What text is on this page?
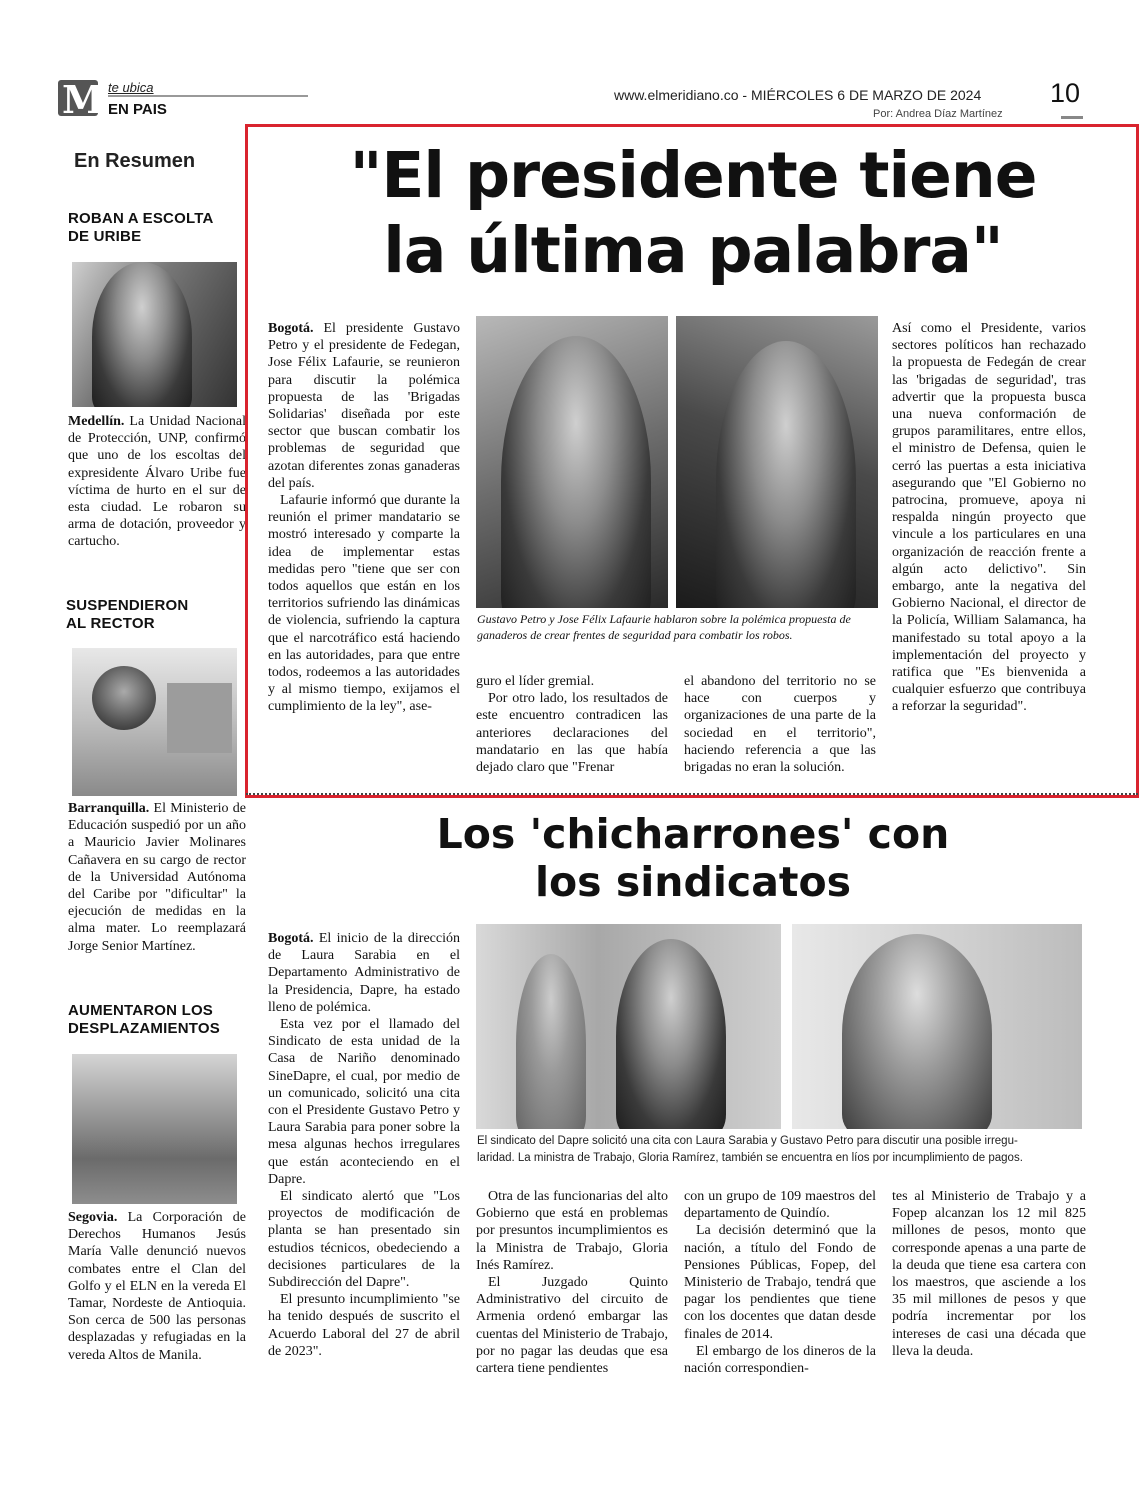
M te ubica
EN PAIS
www.elmeridiano.co - MIÉRCOLES 6 DE MARZO DE 2024
Por: Andrea Díaz Martínez
10
En Resumen
ROBAN A ESCOLTA
DE URIBE

Medellín. La Unidad Nacional de Protección, UNP, confirmó que uno de los escoltas del expresidente Álvaro Uribe fue víctima de hurto en el sur de esta ciudad. Le robaron su arma de dotación, proveedor y cartucho.

SUSPENDIERON
AL RECTOR

Barranquilla. El Ministerio de Educación suspedió por un año a Mauricio Javier Molinares Cañavera en su cargo de rector de la Universidad Autónoma del Caribe por "dificultar" la ejecución de medidas en la alma mater. Lo reemplazará Jorge Senior Martínez.

AUMENTARON LOS
DESPLAZAMIENTOS

Segovia. La Corporación de Derechos Humanos Jesús María Valle denunció nuevos combates entre el Clan del Golfo y el ELN en la vereda El Tamar, Nordeste de Antioquia. Son cerca de 500 las personas desplazadas y refugiadas en la vereda Altos de Manila.

"El presidente tiene
la última palabra"

Bogotá. El presidente Gustavo Petro y el presidente de Fedegan, Jose Félix Lafaurie, se reunieron para discutir la polémica propuesta de las 'Brigadas Solidarias' diseñada por este sector que buscan combatir los problemas de seguridad que azotan diferentes zonas ganaderas del país.

Lafaurie informó que durante la reunión el primer mandatario se mostró interesado y comparte la idea de implementar estas medidas pero "tiene que ser con todos aquellos que están en los territorios sufriendo las dinámicas de violencia, sufriendo la captura que el narcotráfico está haciendo en las autoridades, para que entre todos, rodeemos a las autoridades y al mismo tiempo, exijamos el cumplimiento de la ley", ase-

Gustavo Petro y Jose Félix Lafaurie hablaron sobre la polémica propuesta de ganaderos de crear frentes de seguridad para combatir los robos.

guro el líder gremial.

Por otro lado, los resultados de este encuentro contradicen las anteriores declaraciones del mandatario en las que había dejado claro que "Frenar

el abandono del territorio no se hace con cuerpos y organizaciones de una parte de la sociedad en el territorio", haciendo referencia a que las brigadas no eran la solución.

Así como el Presidente, varios sectores políticos han rechazado la propuesta de Fedegán de crear las 'brigadas de seguridad', tras advertir que la propuesta busca una nueva conformación de grupos paramilitares, entre ellos, el ministro de Defensa, quien le cerró las puertas a esta iniciativa asegurando que "El Gobierno no patrocina, promueve, apoya ni respalda ningún proyecto que vincule a los particulares en una organización de reacción frente a algún acto delictivo". Sin embargo, ante la negativa del Gobierno Nacional, el director de la Policía, William Salamanca, ha manifestado su total apoyo a la implementación del proyecto y ratifica que "Es bienvenida a cualquier esfuerzo que contribuya a reforzar la seguridad".

Los 'chicharrones' con
los sindicatos

Bogotá. El inicio de la dirección de Laura Sarabia en el Departamento Administrativo de la Presidencia, Dapre, ha estado lleno de polémica.

Esta vez por el llamado del Sindicato de esta unidad de la Casa de Nariño denominado SineDapre, el cual, por medio de un comunicado, solicitó una cita con el Presidente Gustavo Petro y Laura Sarabia para poner sobre la mesa algunas hechos irregulares que están aconteciendo en el Dapre.

El sindicato alertó que "Los proyectos de modificación de planta se han presentado sin estudios técnicos, obedeciendo a decisiones particulares de la Subdirección del Dapre".

El presunto incumplimiento "se ha tenido después de suscrito el Acuerdo Laboral del 27 de abril de 2023".

El sindicato del Dapre solicitó una cita con Laura Sarabia y Gustavo Petro para discutir una posible irregu-
laridad. La ministra de Trabajo, Gloria Ramírez, también se encuentra en líos por incumplimiento de pagos.

Otra de las funcionarias del alto Gobierno que está en problemas por presuntos incumplimientos es la Ministra de Trabajo, Gloria Inés Ramírez.

El Juzgado Quinto Administrativo del circuito de Armenia ordenó embargar las cuentas del Ministerio de Trabajo, por no pagar las deudas que esa cartera tiene pendientes

con un grupo de 109 maestros del departamento de Quindío.

La decisión determinó que la nación, a título del Fondo de Pensiones Públicas, Fopep, del Ministerio de Trabajo, tendrá que pagar los pendientes que tiene con los docentes que datan desde finales de 2014.

El embargo de los dineros de la nación correspondien-

tes al Ministerio de Trabajo y a Fopep alcanzan los 12 mil 825 millones de pesos, monto que corresponde apenas a una parte de la deuda que tiene esa cartera con los maestros, que asciende a los 35 mil millones de pesos y que podría incrementar por los intereses de casi una década que lleva la deuda.
